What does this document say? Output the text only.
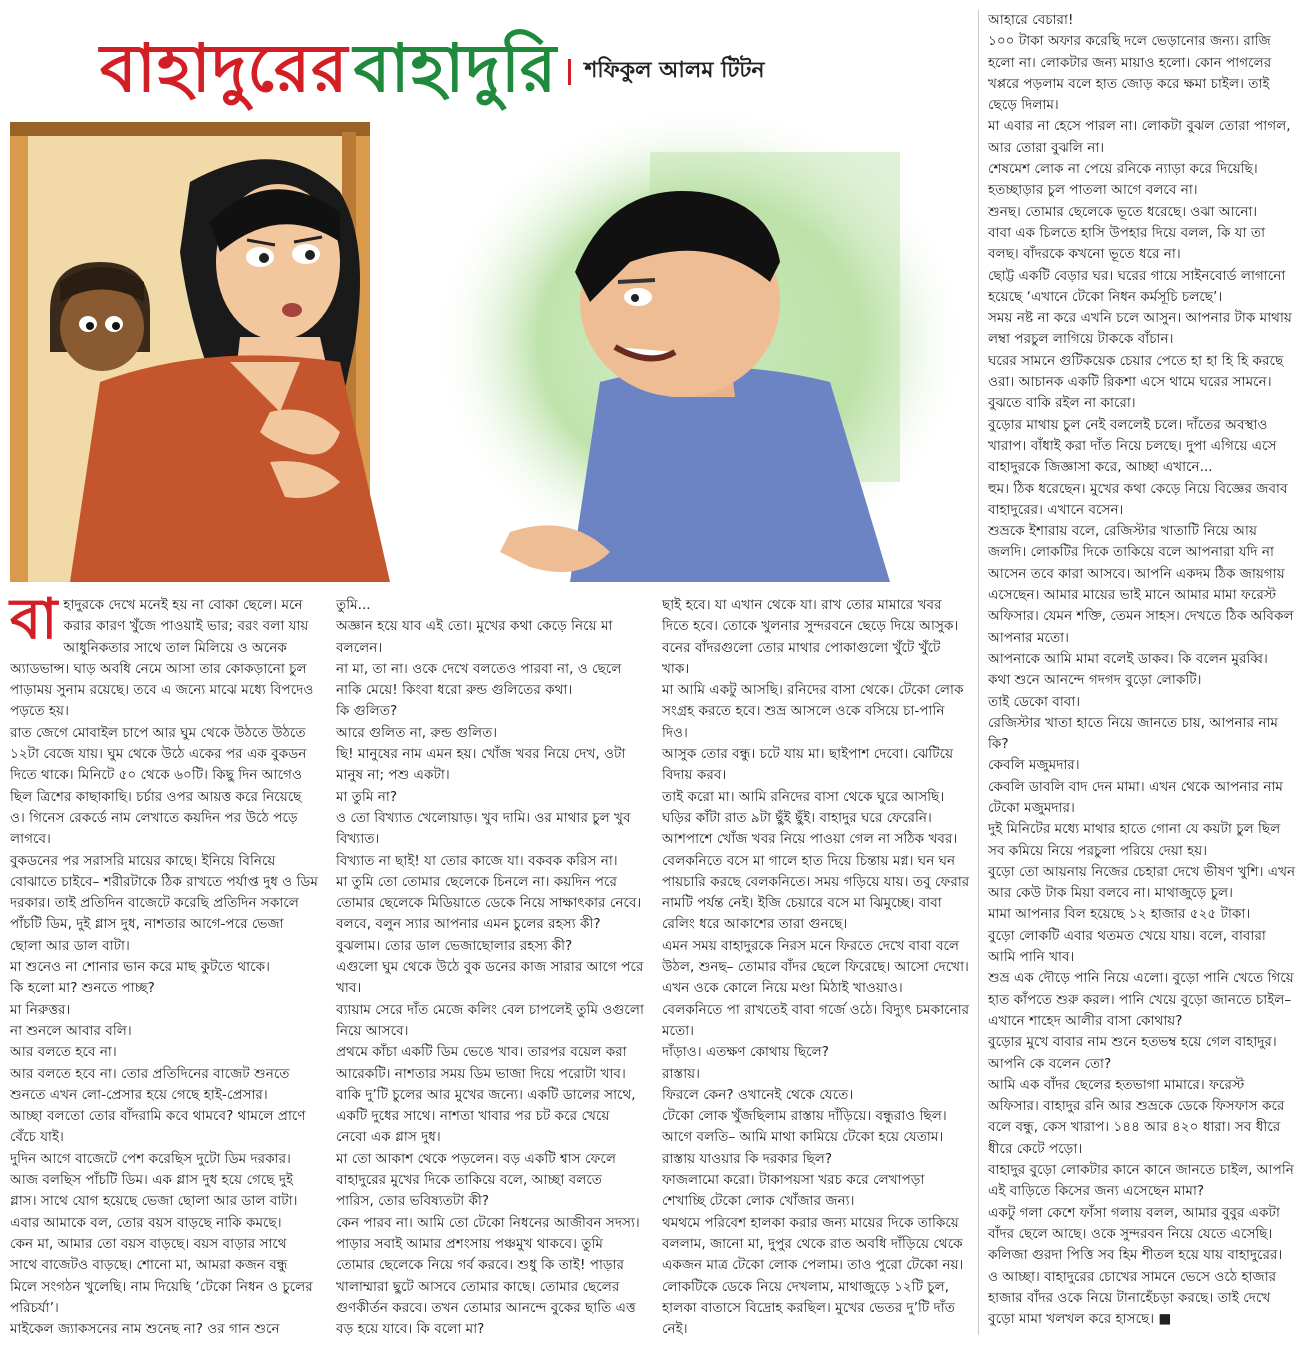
বাহাদুরের বাহাদুরি শফিকুল আলম টিটন
বাহাদুরকে দেখে মনেই হয় না বোকা ছেলে। মনে করার কারণ খুঁজে পাওয়াই ভার; বরং বলা যায় আধুনিকতার সাথে তাল মিলিয়ে ও অনেক অ্যাডভান্স। ঘাড় অবধি নেমে আসা তার কোকড়ানো চুল পাড়াময় সুনাম রয়েছে। তবে এ জন্যে মাঝে মধ্যে বিপদেও পড়তে হয়।
রাত জেগে মোবাইল চাপে আর ঘুম থেকে উঠতে উঠতে ১২টা বেজে যায়। ঘুম থেকে উঠে একের পর এক বুকডন দিতে থাকে। মিনিটে ৫০ থেকে ৬০টি। কিছু দিন আগেও ছিল ত্রিশের কাছাকাছি। চর্চার ওপর আয়ত্ত করে নিয়েছে ও। গিনেস রেকর্ডে নাম লেখাতে কয়দিন পর উঠে পড়ে লাগবে।
বুকডনের পর সরাসরি মায়ের কাছে। ইনিয়ে বিনিয়ে বোঝাতে চাইবে– শরীরটাকে ঠিক রাখতে পর্যাপ্ত দুধ ও ডিম দরকার। তাই প্রতিদিন বাজেটে করেছি প্রতিদিন সকালে পাঁচটি ডিম, দুই গ্লাস দুধ, নাশতার আগে-পরে ভেজা ছোলা আর ডাল বাটা।
মা শুনেও না শোনার ভান করে মাছ কুটতে থাকে।
কি হলো মা? শুনতে পাচ্ছ?
মা নিরুত্তর।
না শুনলে আবার বলি।
আর বলতে হবে না।
আর বলতে হবে না। তোর প্রতিদিনের বাজেট শুনতে শুনতে এখন লো-প্রেসার হয়ে গেছে হাই-প্রেসার।
আচ্ছা বলতো তোর বাঁদরামি কবে থামবে? থামলে প্রাণে বেঁচে যাই।
দুদিন আগে বাজেটে পেশ করেছিস দুটো ডিম দরকার। আজ বলছিস পাঁচটি ডিম। এক গ্লাস দুধ হয়ে গেছে দুই গ্লাস। সাথে যোগ হয়েছে ভেজা ছোলা আর ডাল বাটা।
এবার আমাকে বল, তোর বয়স বাড়ছে নাকি কমছে।
কেন মা, আমার তো বয়স বাড়ছে। বয়স বাড়ার সাথে সাথে বাজেটও বাড়ছে। শোনো মা, আমরা কজন বন্ধু মিলে সংগঠন খুলেছি। নাম দিয়েছি ‘টেকো নিধন ও চুলের পরিচর্যা’।
মাইকেল জ্যাকসনের নাম শুনেছ না? ওর গান শুনে
তুমি...
অজ্ঞান হয়ে যাব এই তো। মুখের কথা কেড়ে নিয়ে মা বললেন।
না মা, তা না। ওকে দেখে বলতেও পারবা না, ও ছেলে নাকি মেয়ে! কিংবা ধরো রুন্ড গুলিতের কথা।
কি গুলিত?
আরে গুলিত না, রুন্ড গুলিত।
ছি! মানুষের নাম এমন হয়। খোঁজ খবর নিয়ে দেখ, ওটা মানুষ না; পশু একটা।
মা তুমি না?
ও তো বিখ্যাত খেলোয়াড়। খুব দামি। ওর মাথার চুল খুব বিখ্যাত।
বিখ্যাত না ছাই! যা তোর কাজে যা। বকবক করিস না।
মা তুমি তো তোমার ছেলেকে চিনলে না। কয়দিন পরে তোমার ছেলেকে মিডিয়াতে ডেকে নিয়ে সাক্ষাৎকার নেবে। বলবে, বলুন স্যার আপনার এমন চুলের রহস্য কী?
বুঝলাম। তোর ডাল ভেজাছোলার রহস্য কী?
এগুলো ঘুম থেকে উঠে বুক ডনের কাজ সারার আগে পরে খাব।
ব্যায়াম সেরে দাঁত মেজে কলিং বেল চাপলেই তুমি ওগুলো নিয়ে আসবে।
প্রথমে কাঁচা একটি ডিম ভেঙে খাব। তারপর বয়েল করা আরেকটি। নাশতার সময় ডিম ভাজা দিয়ে পরোটা খাব। বাকি দু’টি চুলের আর মুখের জন্যে। একটি ডালের সাথে, একটি দুধের সাথে। নাশতা খাবার পর চট করে খেয়ে নেবো এক গ্লাস দুধ।
মা তো আকাশ থেকে পড়লেন। বড় একটি শ্বাস ফেলে বাহাদুরের মুখের দিকে তাকিয়ে বলে, আচ্ছা বলতে পারিস, তোর ভবিষ্যতটা কী?
কেন পারব না। আমি তো টেকো নিধনের আজীবন সদস্য। পাড়ার সবাই আমার প্রশংসায় পঞ্চমুখ থাকবে। তুমি তোমার ছেলেকে নিয়ে গর্ব করবে। শুধু কি তাই! পাড়ার খালাম্মারা ছুটে আসবে তোমার কাছে। তোমার ছেলের গুণকীর্তন করবে। তখন তোমার আনন্দে বুকের ছাতি এত্ত বড় হয়ে যাবে। কি বলো মা?
ছাই হবে। যা এখান থেকে যা। রাখ তোর মামারে খবর দিতে হবে। তোকে খুলনার সুন্দরবনে ছেড়ে দিয়ে আসুক। বনের বাঁদরগুলো তোর মাথার পোকাগুলো খুঁটে খুঁটে খাক।
মা আমি একটু আসছি। রনিদের বাসা থেকে। টেকো লোক সংগ্রহ করতে হবে। শুভ্র আসলে ওকে বসিয়ে চা-পানি দিও।
আসুক তোর বন্ধু। চটে যায় মা। ছাইপাশ দেবো। ঝেটিয়ে বিদায় করব।
তাই করো মা। আমি রনিদের বাসা থেকে ঘুরে আসছি।
ঘড়ির কাঁটা রাত ৯টা ছুঁই ছুঁই। বাহাদুর ঘরে ফেরেনি। আশপাশে খোঁজ খবর নিয়ে পাওয়া গেল না সঠিক খবর। বেলকনিতে বসে মা গালে হাত দিয়ে চিন্তায় মগ্ন। ঘন ঘন পায়চারি করছে বেলকনিতে। সময় গড়িয়ে যায়। তবু ফেরার নামটি পর্যন্ত নেই। ইজি চেয়ারে বসে মা ঝিমুচ্ছে। বাবা রেলিং ধরে আকাশের তারা গুনছে।
এমন সময় বাহাদুরকে নিরস মনে ফিরতে দেখে বাবা বলে উঠল, শুনছ– তোমার বাঁদর ছেলে ফিরেছে। আসো দেখো।
এখন ওকে কোলে নিয়ে মণ্ডা মিঠাই খাওয়াও।
বেলকনিতে পা রাখতেই বাবা গর্জে ওঠে। বিদ্যুৎ চমকানোর মতো।
দাঁড়াও। এতক্ষণ কোথায় ছিলে?
রাস্তায়।
ফিরলে কেন? ওখানেই থেকে যেতে।
টেকো লোক খুঁজছিলাম রাস্তায় দাঁড়িয়ে। বন্ধুরাও ছিল। আগে বলতি– আমি মাথা কামিয়ে টেকো হয়ে যেতাম। রাস্তায় যাওয়ার কি দরকার ছিল?
ফাজলামো করো। টাকাপয়সা খরচ করে লেখাপড়া শেখাচ্ছি টেকো লোক খোঁজার জন্য।
থমথমে পরিবেশ হালকা করার জন্য মায়ের দিকে তাকিয়ে বললাম, জানো মা, দুপুর থেকে রাত অবধি দাঁড়িয়ে থেকে একজন মাত্র টেকো লোক পেলাম। তাও পুরো টেকো নয়। লোকটিকে ডেকে নিয়ে দেখলাম, মাথাজুড়ে ১২টি চুল, হালকা বাতাসে বিদ্রোহ করছিল। মুখের ভেতর দু’টি দাঁত নেই।
আহারে বেচারা!
১০০ টাকা অফার করেছি দলে ভেড়ানোর জন্য। রাজি হলো না। লোকটার জন্য মায়াও হলো। কোন পাগলের খপ্পরে পড়লাম বলে হাত জোড় করে ক্ষমা চাইল। তাই ছেড়ে দিলাম।
মা এবার না হেসে পারল না। লোকটা বুঝল তোরা পাগল, আর তোরা বুঝলি না।
শেষমেশ লোক না পেয়ে রনিকে ন্যাড়া করে দিয়েছি। হতচ্ছাড়ার চুল পাতলা আগে বলবে না।
শুনছ। তোমার ছেলেকে ভূতে ধরেছে। ওঝা আনো।
বাবা এক চিলতে হাসি উপহার দিয়ে বলল, কি যা তা বলছ। বাঁদরকে কখনো ভূতে ধরে না।
ছোট্ট একটি বেড়ার ঘর। ঘরের গায়ে সাইনবোর্ড লাগানো হয়েছে ‘এখানে টেকো নিধন কর্মসূচি চলছে’।
সময় নষ্ট না করে এখনি চলে আসুন। আপনার টাক মাথায় লম্বা পরচুল লাগিয়ে টাককে বাঁচান।
ঘরের সামনে গুটিকয়েক চেয়ার পেতে হা হা হি হি করছে ওরা। আচানক একটি রিকশা এসে থামে ঘরের সামনে। বুঝতে বাকি রইল না কারো।
বুড়োর মাথায় চুল নেই বললেই চলে। দাঁতের অবস্থাও খারাপ। বাঁধাই করা দাঁত নিয়ে চলছে। দুপা এগিয়ে এসে বাহাদুরকে জিজ্ঞাসা করে, আচ্ছা এখানে...
হুম। ঠিক ধরেছেন। মুখের কথা কেড়ে নিয়ে বিজ্ঞের জবাব বাহাদুরের। এখানে বসেন।
শুভ্রকে ইশারায় বলে, রেজিস্টার খাতাটি নিয়ে আয় জলদি। লোকটির দিকে তাকিয়ে বলে আপনারা যদি না আসেন তবে কারা আসবে। আপনি একদম ঠিক জায়গায় এসেছেন। আমার মায়ের ভাই মানে আমার মামা ফরেস্ট অফিসার। যেমন শক্তি, তেমন সাহস। দেখতে ঠিক অবিকল আপনার মতো।
আপনাকে আমি মামা বলেই ডাকব। কি বলেন মুরব্বি।
কথা শুনে আনন্দে গদগদ বুড়ো লোকটি।
তাই ডেকো বাবা।
রেজিস্টার খাতা হাতে নিয়ে জানতে চায়, আপনার নাম কি?
কেবলি মজুমদার।
কেবলি ডাবলি বাদ দেন মামা। এখন থেকে আপনার নাম টেকো মজুমদার।
দুই মিনিটের মধ্যে মাথার হাতে গোনা যে কয়টা চুল ছিল সব কমিয়ে নিয়ে পরচুলা পরিয়ে দেয়া হয়।
বুড়ো তো আয়নায় নিজের চেহারা দেখে ভীষণ খুশি। এখন আর কেউ টাক মিয়া বলবে না। মাথাজুড়ে চুল।
মামা আপনার বিল হয়েছে ১২ হাজার ৫২৫ টাকা।
বুড়ো লোকটি এবার থতমত খেয়ে যায়। বলে, বাবারা আমি পানি খাব।
শুভ্র এক দৌড়ে পানি নিয়ে এলো। বুড়ো পানি খেতে গিয়ে হাত কাঁপতে শুরু করল। পানি খেয়ে বুড়ো জানতে চাইল– এখানে শাহেদ আলীর বাসা কোথায়?
বুড়োর মুখে বাবার নাম শুনে হতভম্ব হয়ে গেল বাহাদুর। আপনি কে বলেন তো?
আমি এক বাঁদর ছেলের হতভাগা মামারে। ফরেস্ট অফিসার। বাহাদুর রনি আর শুভ্রকে ডেকে ফিসফাস করে বলে বন্ধু, কেস খারাপ। ১৪৪ আর ৪২০ ধারা। সব ধীরে ধীরে কেটে পড়ো।
বাহাদুর বুড়ো লোকটার কানে কানে জানতে চাইল, আপনি এই বাড়িতে কিসের জন্য এসেছেন মামা?
একটু গলা কেশে ফাঁসা গলায় বলল, আমার বুবুর একটা বাঁদর ছেলে আছে। ওকে সুন্দরবন নিয়ে যেতে এসেছি।
কলিজা গুরদা পিত্তি সব হিম শীতল হয়ে যায় বাহাদুরের। ও আচ্ছা। বাহাদুরের চোখের সামনে ভেসে ওঠে হাজার হাজার বাঁদর ওকে নিয়ে টানাহেঁচড়া করছে। তাই দেখে বুড়ো মামা খলখল করে হাসছে। ■
